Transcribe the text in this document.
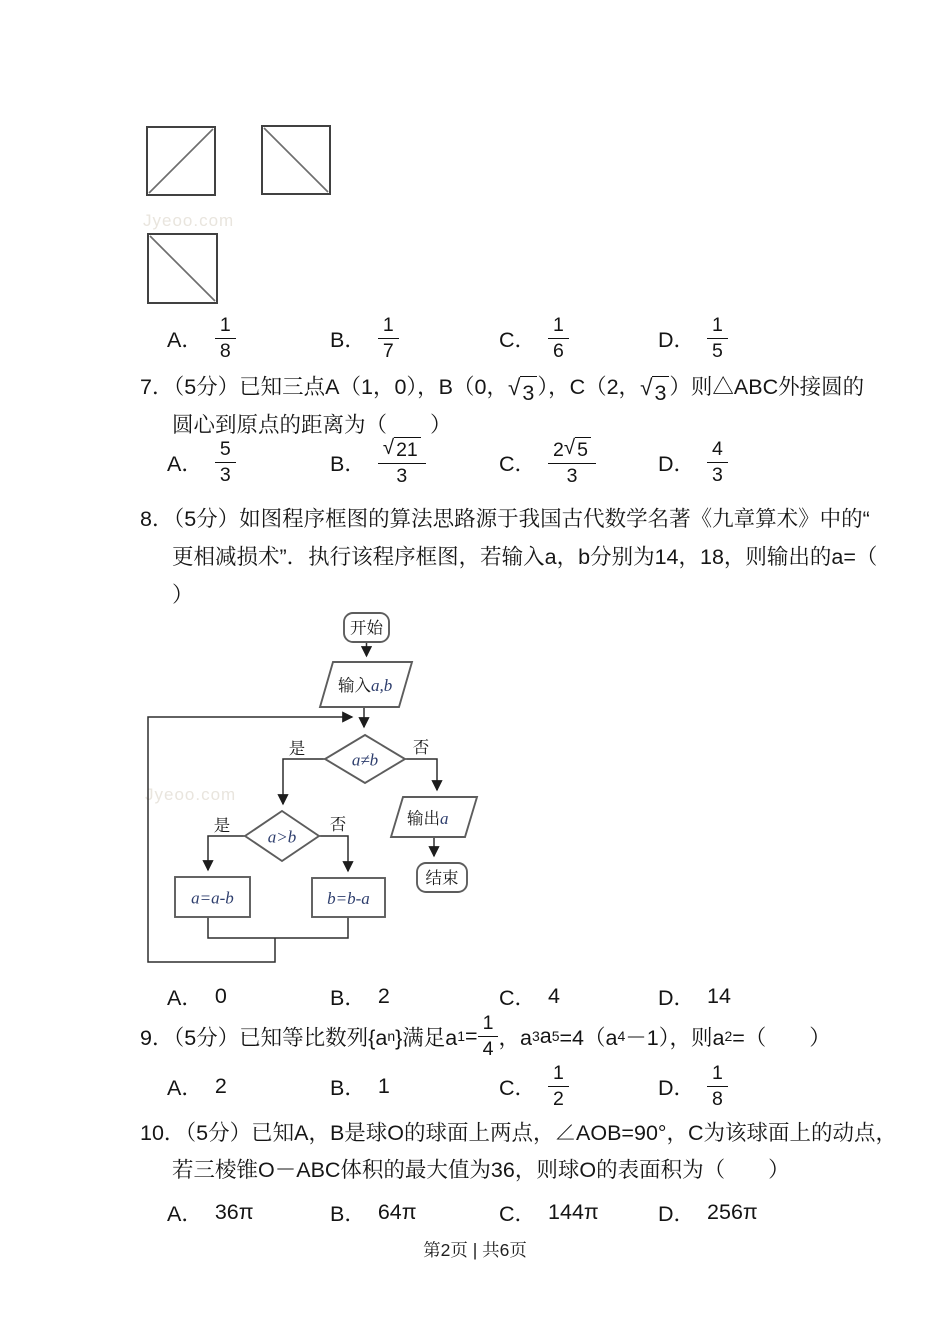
Jyeoo.com
A． $\frac{1}{8}$	B． $\frac{1}{7}$	C． $\frac{1}{6}$	D． $\frac{1}{5}$
7．（5分）已知三点A（1，0），B（0， √ 3 ），C（2， √ 3 ）则△ABC外接圆的
圆心到原点的距离为（　　）
A． $\frac{5}{3}$	B． $\frac{√ 21}{3}$	C． $\frac{2 √ 5}{3}$	D． $\frac{4}{3}$
8．（5分）如图程序框图的算法思路源于我国古代数学名著《九章算术》中的“
更相减损术”．执行该程序框图，若输入a，b分别为14，18，则输出的a=（
）
Jyeoo.com
开始
输入a,b
a≠b
是	否
a>b
是	否
a=a-b	b=b-a
输出a
结束
A． 0	B． 2	C． 4	D． 14
9．（5分）已知等比数列{a n }满足a $1 = \frac{1}{4}$ ，a 3 a 5 =4（a 4 －1），则a 2 =（　　）
A． 2	B． 1	C． $\frac{1}{2}$	D． $\frac{1}{8}$
10．（5分）已知A，B是球O的球面上两点，∠AOB=90°，C为该球面上的动点，
若三棱锥O－ABC体积的最大值为36，则球O的表面积为（　　）
A． 36π	B． 64π	C． 144π	D． 256π
第2页 | 共6页
